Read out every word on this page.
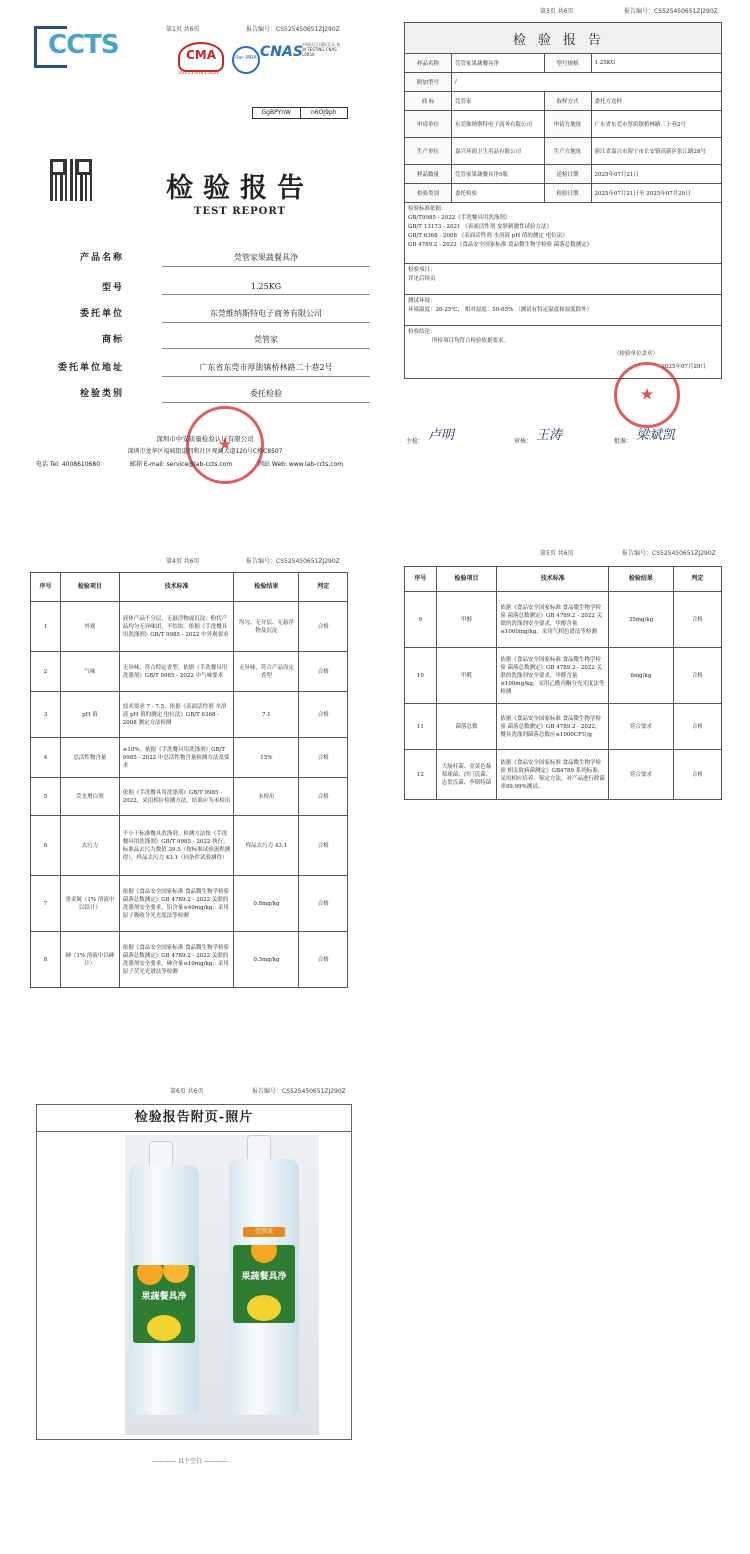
CCTS
第1页 共6页	报告编号：CS525450651ZJ290Z
CMA
2021190815831
ilac-MRA CNAS 中国认可 国际互认 检测 TESTING CNAS L0050
GgBPYnW	n6OJ9ph
检验报告
TEST REPORT
产品名称	莞管家果蔬餐具净
型号	1.25KG
委托单位	东莞维纳斯特电子商务有限公司
商标	莞管家
委托单位地址	广东省东莞市厚街镇桥林路二十巷2号
检验类别	委托检验
★
深圳市中安质量检验认证有限公司
深圳市龙华区福城街道四和社区观澜大道120号C栋C8507
电话 Tel: 4008610680	邮箱 E-mail: service@lab-ccts.com	网站 Web: www.lab-ccts.com
第3页 共6页	报告编号：CS525450651ZJ290Z
检验报告			
样品名称	莞管家果蔬餐具净	型号规格	1.25KG
附加型号	/		
商 标	莞管家	取样方式	委托方送样
申请单位	东莞维纳斯特电子商务有限公司	申请方地址	广东省东莞市厚街镇桥林路二十巷2号
生产单位	嘉兴环润卫生用品有限公司	生产方地址	浙江省嘉兴市海宁市长安镇高新区张江路28号
样品数量	莞管家果蔬餐具净5瓶	送检日期	2025年07月21日
检验类别	委托检验	检验日期	2025年07月21日至 2025年07月29日

检验标准依据：
GB/T9985 - 2022《手洗餐具用洗涤剂》
GB/T 13173 - 2021 《表面活性剂 皮肤刺激性试验方法》
GB/T 6368 - 2008 《表面活性剂 水溶液 pH 值的测定 电位法》
GB 4789.2 - 2022《食品安全国家标准 食品微生物学检验 菌落总数测定》			

检验项目：
详见后续页			

测试环境：
环境温度：20-25℃， 相对湿度：50-65% （测试有特定温度和湿度除外）			

检验结论：
所检项目均符合检验依据要求。
（检验单位盖章）
2025年07月29日			
★
主检： 卢明	审核： 王涛	批准： 梁斌凯
第4页 共6页	报告编号：CS525450651ZJ290Z
序号	检验项目	技术标准	检验结果	判定
1	外观	液体产品不分层，无悬浮物或沉淀；粉状产品均匀无异味团，不结块。依据《手洗餐具用洗涤剂》GB/T 9985 - 2022 中外观要求	均匀、无分层、无悬浮物及沉淀	合格
2	气味	无异味、符合特定香型。依据《手洗餐具用洗涤剂》GB/T 9985 - 2022 中气味要求	无异味，符合产品设定香型	合格
3	pH 值	技术要求 7 - 7.5。依据《表面活性剂 水溶液 pH 值的测定 电位法》GB/T 6368 - 2008 测定方法检测	7.1	合格
4	总活性物含量	≥10%。依据《手洗餐具用洗涤剂》GB/T 9985 - 2022 中总活性物含量检测方法及要求	15%	合格
5	荧光增白剂	依据《手洗餐具用洗涤剂》GB/T 9985 - 2022，采用相应检测方法，结果应为未检出	未检出	合格
6	去污力	不小于标准餐具洗涤剂。检测方法按《手洗餐具用洗涤剂》GB/T 9985 - 2022 执行，标准品去污力数值 39.5（按标准试验流程测得），样品去污力 43.1（同条件试验测得）	样品去污力 43.1	合格
7	重金属（1% 溶液中以铅计）	依据《食品安全国家标准 食品微生物学检验 菌落总数测定》GB 4789.2 - 2022 关联的洗涤剂安全要求，铅含量≤40mg/kg，采用原子吸收分光光度法等检测	0.8mg/kg	合格
8	砷（1% 溶液中以砷计）	依据《食品安全国家标准 食品微生物学检验 菌落总数测定》GB 4789.2 - 2022 关联的洗涤剂安全要求，砷含量≤10mg/kg，采用原子荧光光谱法等检测	0.3mg/kg	合格
第5页 共6页	报告编号：CS525450651ZJ290Z
序号	检验项目	技术标准	检验结果	判定
9	甲醇	依据《食品安全国家标准 食品微生物学检验 菌落总数测定》GB 4789.2 - 2022 关联的洗涤剂安全要求，甲醇含量≤1000mg/kg，采用气相色谱法等检测	35mg/kg	合格
10	甲醛	依据《食品安全国家标准 食品微生物学检验 菌落总数测定》GB 4789.2 - 2022 关联的洗涤剂安全要求，甲醛含量≤100mg/kg，采用乙酰丙酮分光光度法等检测	8mg/kg	合格
11	菌落总数	依据《食品安全国家标准 食品微生物学检验 菌落总数测定》GB 4789.2 - 2022，餐具洗涤剂菌落总数应≤1000CFU/g	符合要求	合格
12	大肠杆菌、金黄色葡萄球菌、沙门氏菌、志贺氏菌、李斯特菌	依据《食品安全国家标准 食品微生物学检验 相关致病菌测定》GB4789 系列标准，采用相应培养、鉴定方法，对产品进行除菌率99.99%测试。	符合要求	合格
第6页 共6页	报告编号：CS525450651ZJ290Z
检验报告附页-照片
果蔬餐具净
莞管家
果蔬餐具净
———— 以下空白 ————
